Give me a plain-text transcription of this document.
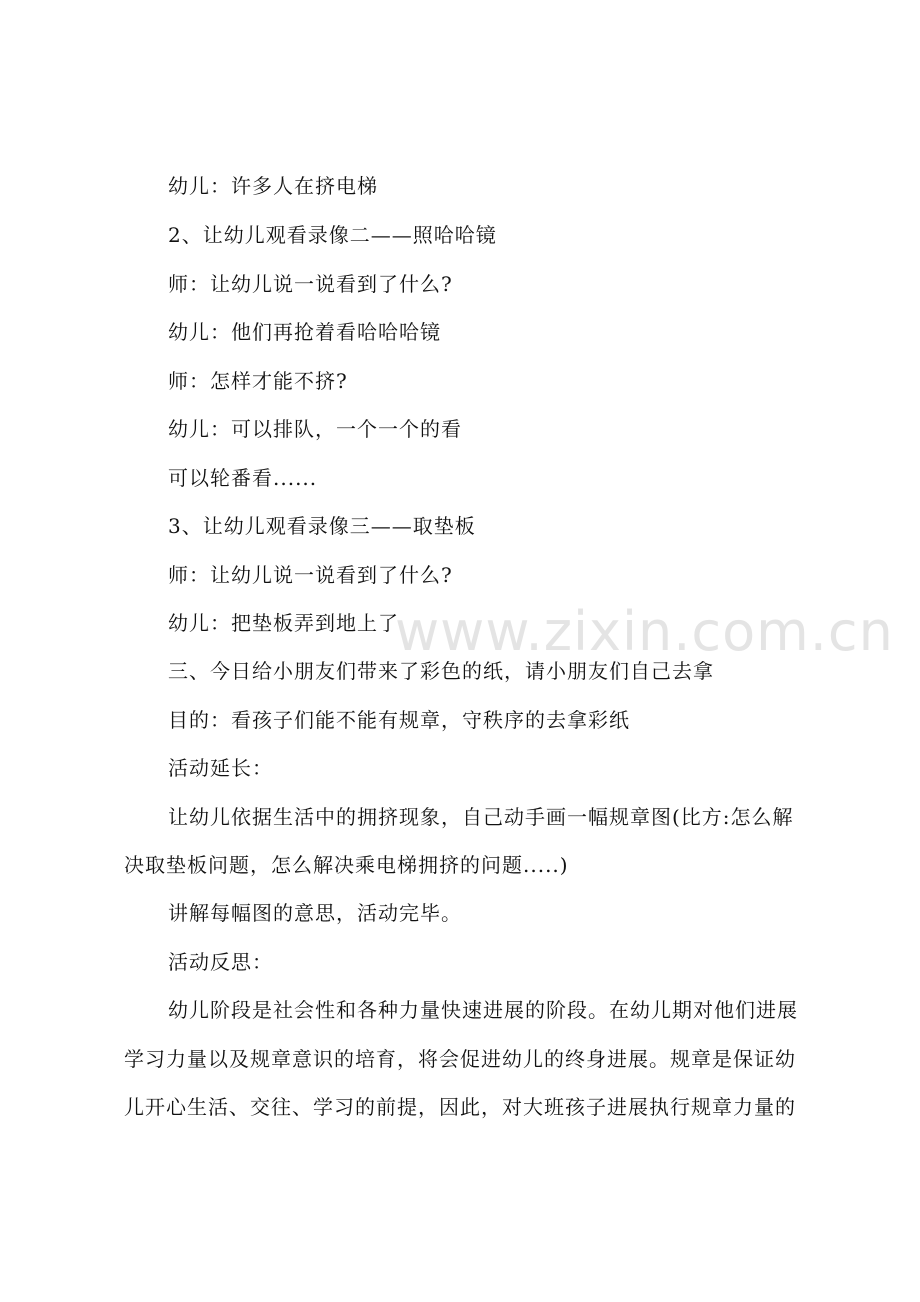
www.zixin.com.cn
幼儿：许多人在挤电梯
2、让幼儿观看录像二——照哈哈镜
师：让幼儿说一说看到了什么?
幼儿：他们再抢着看哈哈哈镜
师：怎样才能不挤?
幼儿：可以排队，一个一个的看
可以轮番看......
3、让幼儿观看录像三——取垫板
师：让幼儿说一说看到了什么?
幼儿：把垫板弄到地上了
三、今日给小朋友们带来了彩色的纸，请小朋友们自己去拿
目的：看孩子们能不能有规章，守秩序的去拿彩纸
活动延长：
让幼儿依据生活中的拥挤现象，自己动手画一幅规章图(比方:怎么解
决取垫板问题，怎么解决乘电梯拥挤的问题.....)
讲解每幅图的意思，活动完毕。
活动反思：
幼儿阶段是社会性和各种力量快速进展的阶段。在幼儿期对他们进展
学习力量以及规章意识的培育，将会促进幼儿的终身进展。规章是保证幼
儿开心生活、交往、学习的前提，因此，对大班孩子进展执行规章力量的
